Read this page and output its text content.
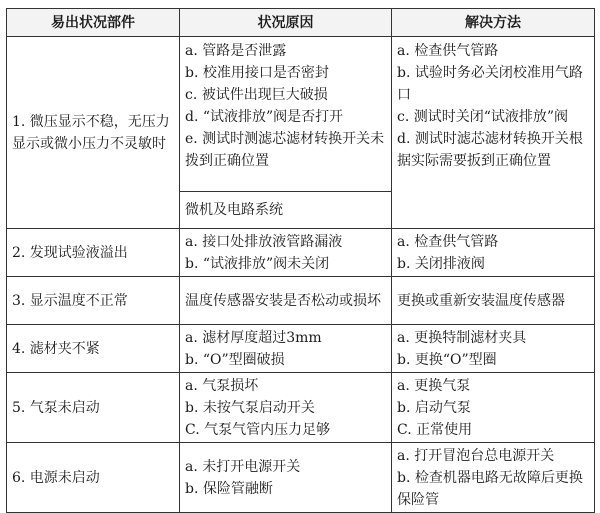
易出状况部件	状况原因	解决方法
1. 微压显示不稳，无压力显示或微小压力不灵敏时	a. 管路是否泄露
b. 校准用接口是否密封
c. 被试件出现巨大破损
d. “试液排放”阀是否打开
e. 测试时测滤芯滤材转换开关未拨到正确位置	a. 检查供气管路
b. 试验时务必关闭校准用气路口
c. 测试时关闭“试液排放”阀
d. 测试时滤芯滤材转换开关根据实际需要扳到正确位置

	微机及电路系统	
2. 发现试验液溢出	a. 接口处排放液管路漏液
b. “试液排放”阀未关闭	a. 检查供气管路
b. 关闭排液阀

3. 显示温度不正常	温度传感器安装是否松动或损坏	更换或重新安装温度传感器

4. 滤材夹不紧	a. 滤材厚度超过3mm
b. “O”型圈破损	a. 更换特制滤材夹具
b. 更换“O”型圈

5. 气泵未启动	a. 气泵损坏
b. 未按气泵启动开关
C. 气泵气管内压力足够	a. 更换气泵
b. 启动气泵
C. 正常使用

6. 电源未启动	a. 未打开电源开关
b. 保险管融断	a. 打开冒泡台总电源开关
b. 检查机器电路无故障后更换保险管
